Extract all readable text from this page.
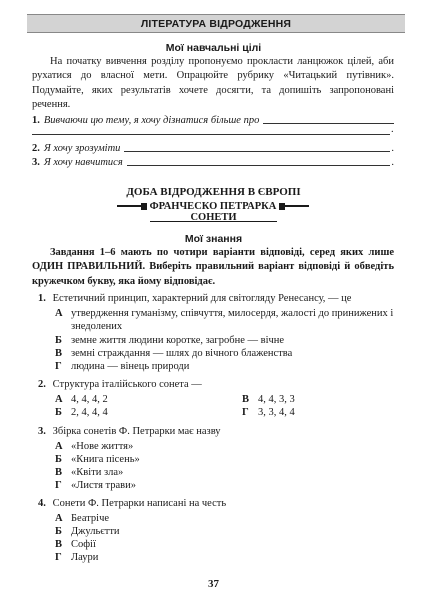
ЛІТЕРАТУРА ВІДРОДЖЕННЯ
Мої навчальні цілі
На початку вивчення розділу пропонуємо прокласти ланцюжок цілей, аби рухатися до власної мети. Опрацюйте рубрику «Читацький путівник». Подумайте, яких результатів хочете досягти, та допишіть запропоновані речення.
1. Вивчаючи цю тему, я хочу дізнатися більше про
.
2. Я хочу зрозуміти	.
3. Я хочу навчитися	.
ДОБА ВІДРОДЖЕННЯ В ЄВРОПІ
ФРАНЧЕСКО ПЕТРАРКА
СОНЕТИ
Мої знання
Завдання 1–6 мають по чотири варіанти відповіді, серед яких лише ОДИН ПРАВИЛЬНИЙ. Виберіть правильний варіант відповіді й обведіть кружечком букву, яка йому відповідає.
1. Естетичний принцип, характерний для світогляду Ренесансу, — це
А утвердження гуманізму, співчуття, милосердя, жалості до принижених і знедолених
Б земне життя людини коротке, загробне — вічне
В земні страждання — шлях до вічного блаженства
Г людина — вінець природи
2. Структура італійського сонета —
А 4, 4, 4, 2	В 4, 4, 3, 3
Б 2, 4, 4, 4	Г 3, 3, 4, 4
3. Збірка сонетів Ф. Петрарки має назву
А «Нове життя»
Б «Книга пісень»
В «Квіти зла»
Г «Листя трави»
4. Сонети Ф. Петрарки написані на честь
А Беатріче
Б Джульєтти
В Софії
Г Лаури
37
